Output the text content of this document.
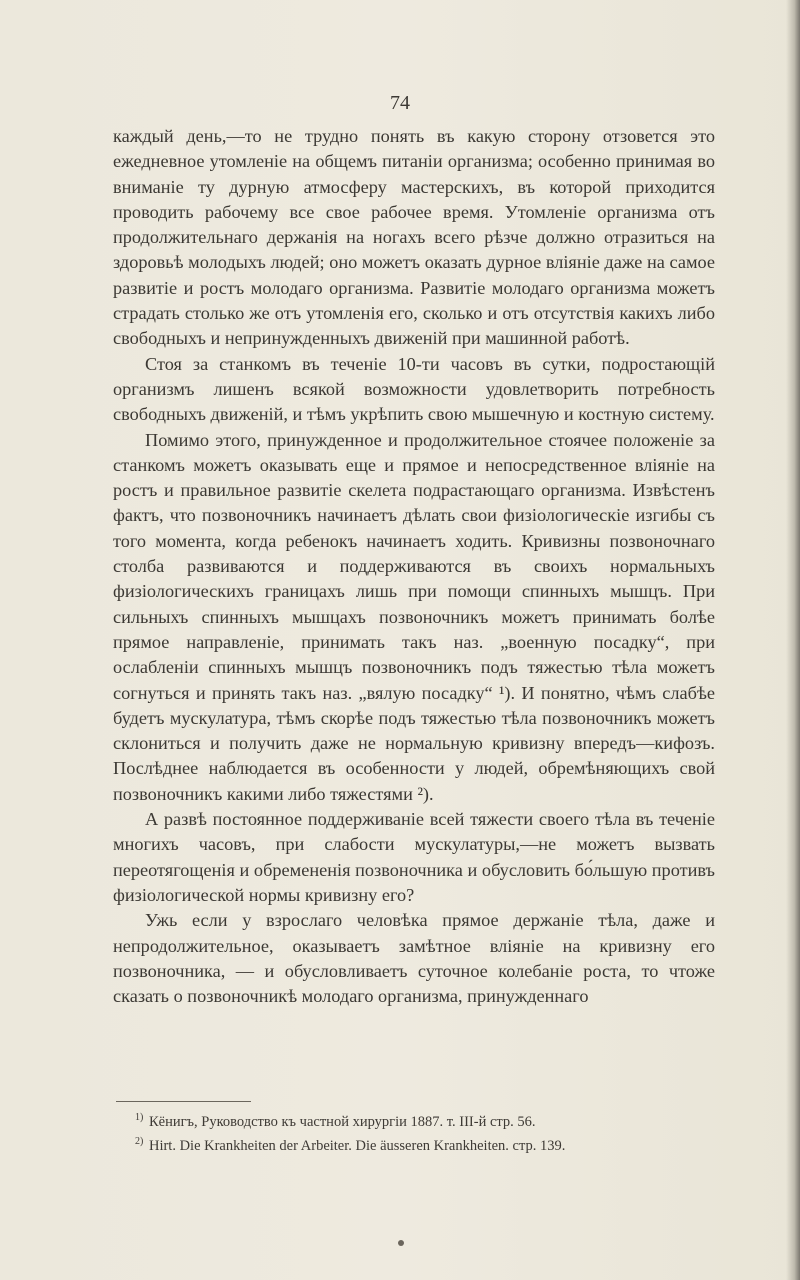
74

каждый день,—то не трудно понять въ какую сторону отзовется это ежедневное утомленіе на общемъ питаніи организма; особенно принимая во вниманіе ту дурную атмосферу мастерскихъ, въ которой приходится проводить рабочему все свое рабочее время. Утомленіе организма отъ продолжительнаго держанія на ногахъ всего рѣзче должно отразиться на здоровьѣ молодыхъ людей; оно можетъ оказать дурное вліяніе даже на самое развитіе и ростъ молодаго организма. Развитіе молодаго организма можетъ страдать столько же отъ утомленія его, сколько и отъ отсутствія какихъ либо свободныхъ и непринужденныхъ движеній при машинной работѣ.

Стоя за станкомъ въ теченіе 10-ти часовъ въ сутки, подростающій организмъ лишенъ всякой возможности удовлетворить потребность свободныхъ движеній, и тѣмъ укрѣпить свою мышечную и костную систему.

Помимо этого, принужденное и продолжительное стоячее положеніе за станкомъ можетъ оказывать еще и прямое и непосредственное вліяніе на ростъ и правильное развитіе скелета подрастающаго организма. Извѣстенъ фактъ, что позвоночникъ начинаетъ дѣлать свои физіологическіе изгибы съ того момента, когда ребенокъ начинаетъ ходить. Кривизны позвоночнаго столба развиваются и поддерживаются въ своихъ нормальныхъ физіологическихъ границахъ лишь при помощи спинныхъ мышцъ. При сильныхъ спинныхъ мышцахъ позвоночникъ можетъ принимать болѣе прямое направленіе, принимать такъ наз. „военную посадку“, при ослабленіи спинныхъ мышцъ позвоночникъ подъ тяжестью тѣла можетъ согнуться и принять такъ наз. „вялую посадку“ ¹). И понятно, чѣмъ слабѣе будетъ мускулатура, тѣмъ скорѣе подъ тяжестью тѣла позвоночникъ можетъ склониться и получить даже не нормальную кривизну впередъ—кифозъ. Послѣднее наблюдается въ особенности у людей, обремѣняющихъ свой позвоночникъ какими либо тяжестями ²).

А развѣ постоянное поддерживаніе всей тяжести своего тѣла въ теченіе многихъ часовъ, при слабости мускулатуры,—не можетъ вызвать переотягощенія и обремененія позвоночника и обусловить бо́льшую противъ физіологической нормы кривизну его?

Ужь если у взрослаго человѣка прямое держаніе тѣла, даже и непродолжительное, оказываетъ замѣтное вліяніе на кривизну его позвоночника, — и обусловливаетъ суточное колебаніе роста, то чтоже сказать о позвоночникѣ молодаго организма, принужденнаго

$^{1)}$ Кёнигъ, Руководство къ частной хирургіи 1887. т. III-й стр. 56.

$^{2)}$ Hirt. Die Krankheiten der Arbeiter. Die äusseren Krankheiten. стр. 139.
